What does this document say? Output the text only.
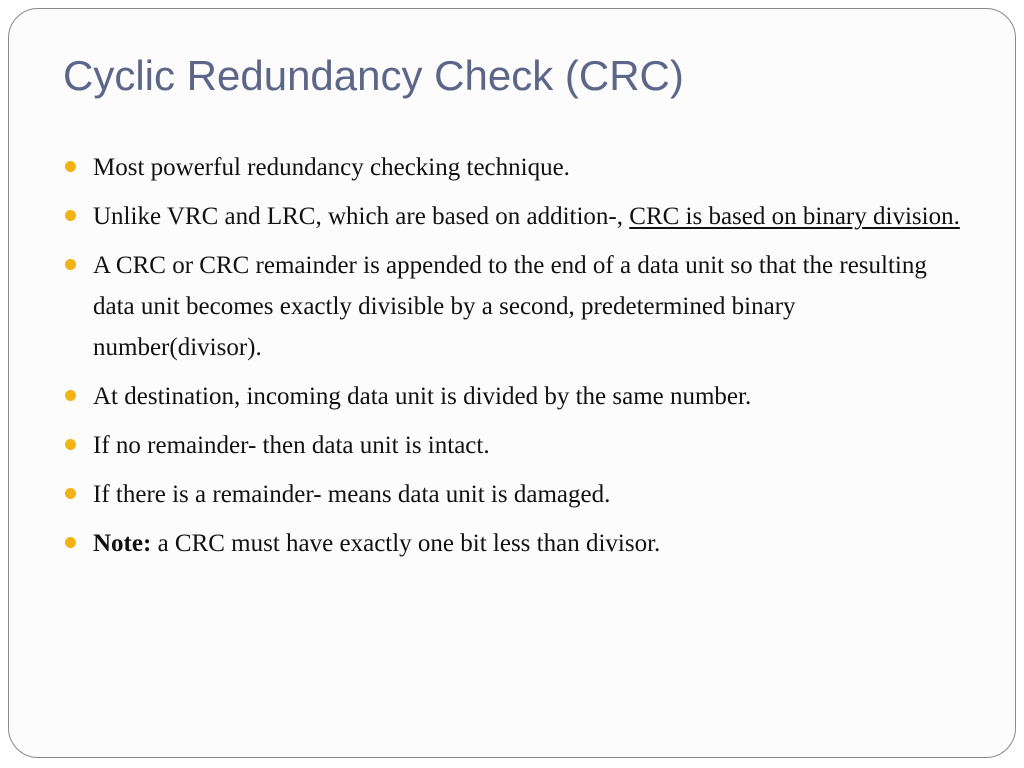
Cyclic Redundancy Check (CRC)
Most powerful redundancy checking technique.
Unlike VRC and LRC, which are based on addition-, CRC is based on binary division.
A CRC or CRC remainder is appended to the end of a data unit so that the resulting data unit becomes exactly divisible by a second, predetermined binary number(divisor).
At destination, incoming data unit is divided by the same number.
If no remainder- then data unit is intact.
If there is a remainder- means data unit is damaged.
Note: a CRC must have exactly one bit less than divisor.
